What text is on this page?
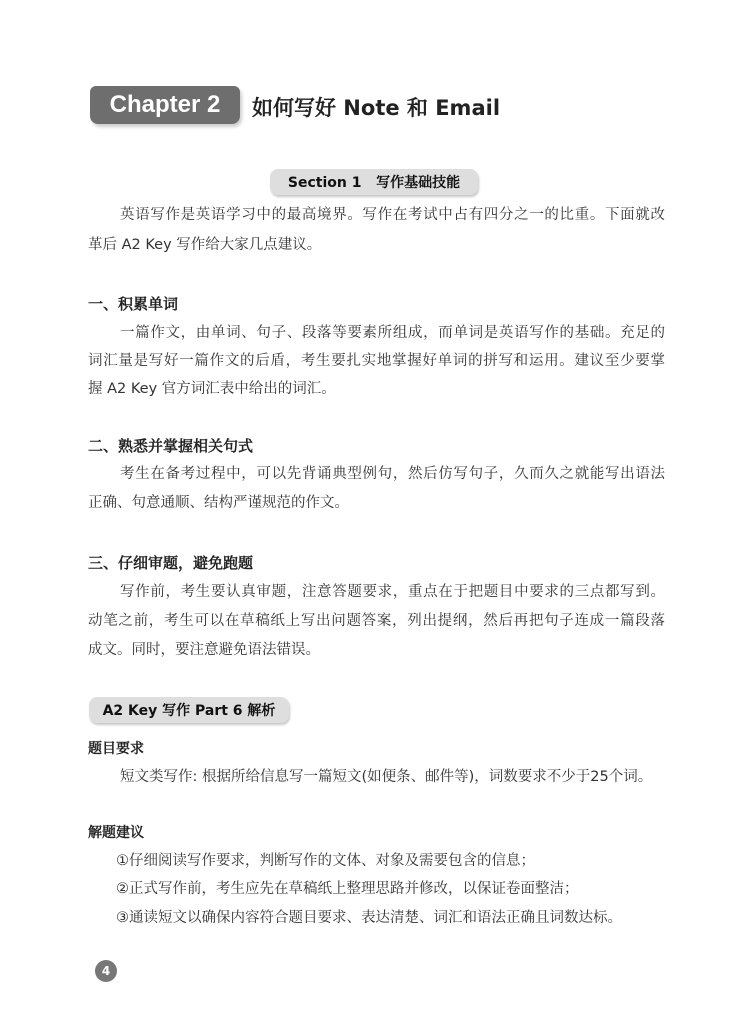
Chapter 2	如何写好 Note 和 Email
Section 1   写作基础技能
英语写作是英语学习中的最高境界。写作在考试中占有四分之一的比重。下面就改
革后 A2 Key 写作给大家几点建议。
一、积累单词
一篇作文，由单词、句子、段落等要素所组成，而单词是英语写作的基础。充足的
词汇量是写好一篇作文的后盾，考生要扎实地掌握好单词的拼写和运用。建议至少要掌
握 A2 Key 官方词汇表中给出的词汇。
二、熟悉并掌握相关句式
考生在备考过程中，可以先背诵典型例句，然后仿写句子，久而久之就能写出语法
正确、句意通顺、结构严谨规范的作文。
三、仔细审题，避免跑题
写作前，考生要认真审题，注意答题要求，重点在于把题目中要求的三点都写到。
动笔之前，考生可以在草稿纸上写出问题答案，列出提纲，然后再把句子连成一篇段落
成文。同时，要注意避免语法错误。
A2 Key 写作 Part 6 解析
题目要求
短文类写作: 根据所给信息写一篇短文(如便条、邮件等)，词数要求不少于25个词。
解题建议
①仔细阅读写作要求，判断写作的文体、对象及需要包含的信息；
②正式写作前，考生应先在草稿纸上整理思路并修改，以保证卷面整洁；
③通读短文以确保内容符合题目要求、表达清楚、词汇和语法正确且词数达标。
4
